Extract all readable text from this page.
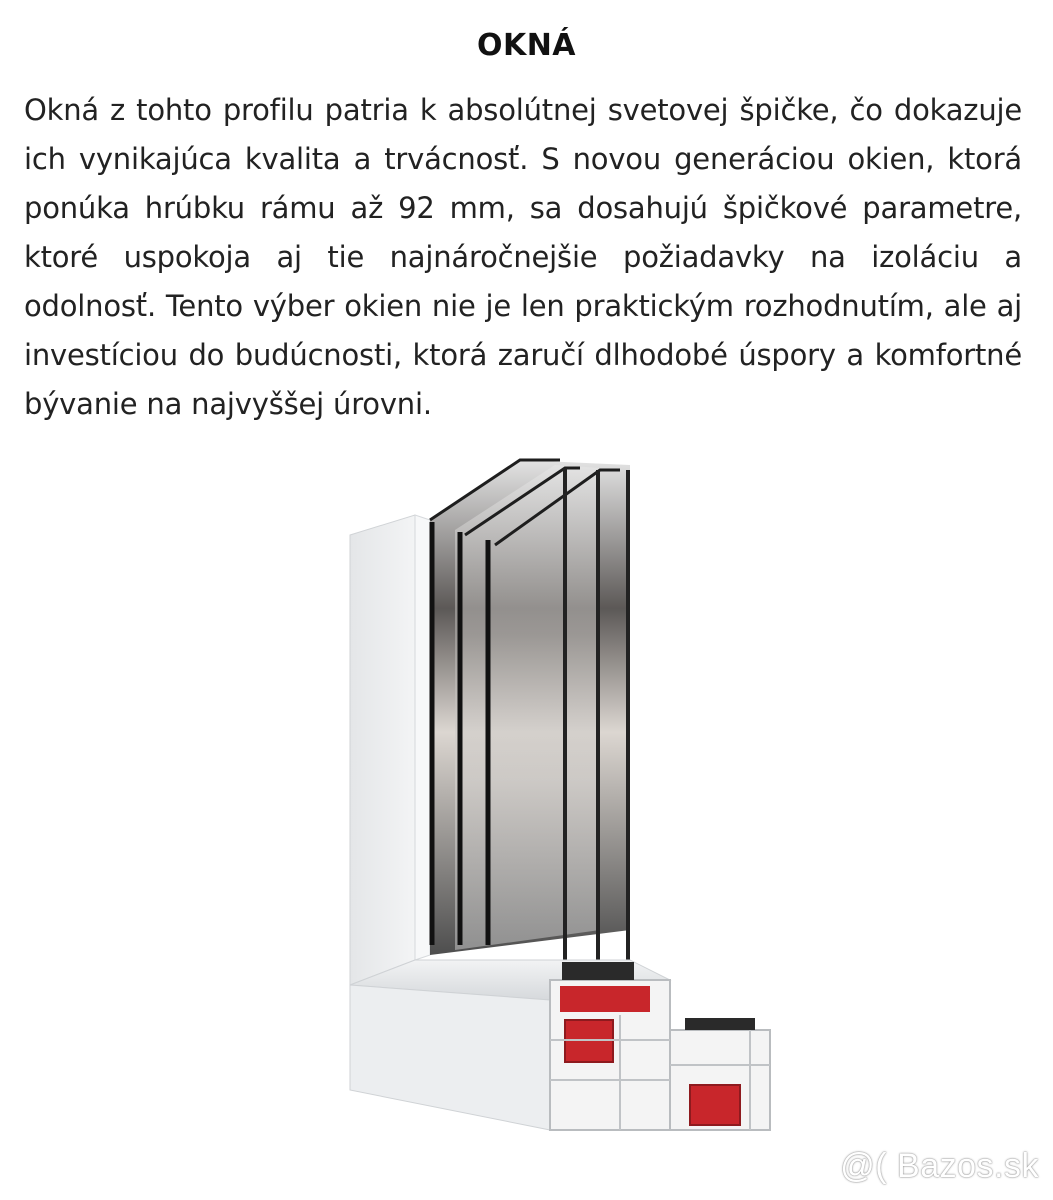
OKNÁ
Okná z tohto profilu patria k absolútnej svetovej špičke, čo dokazuje ich vynikajúca kvalita a trvácnosť. S novou generáciou okien, ktorá ponúka hrúbku rámu až 92 mm, sa dosahujú špičkové parametre, ktoré uspokoja aj tie najnáročnejšie požiadavky na izoláciu a odolnosť. Tento výber okien nie je len praktickým rozhodnutím, ale aj investíciou do budúcnosti, ktorá zaručí dlhodobé úspory a komfortné bývanie na najvyššej úrovni.
@( Bazos.sk
